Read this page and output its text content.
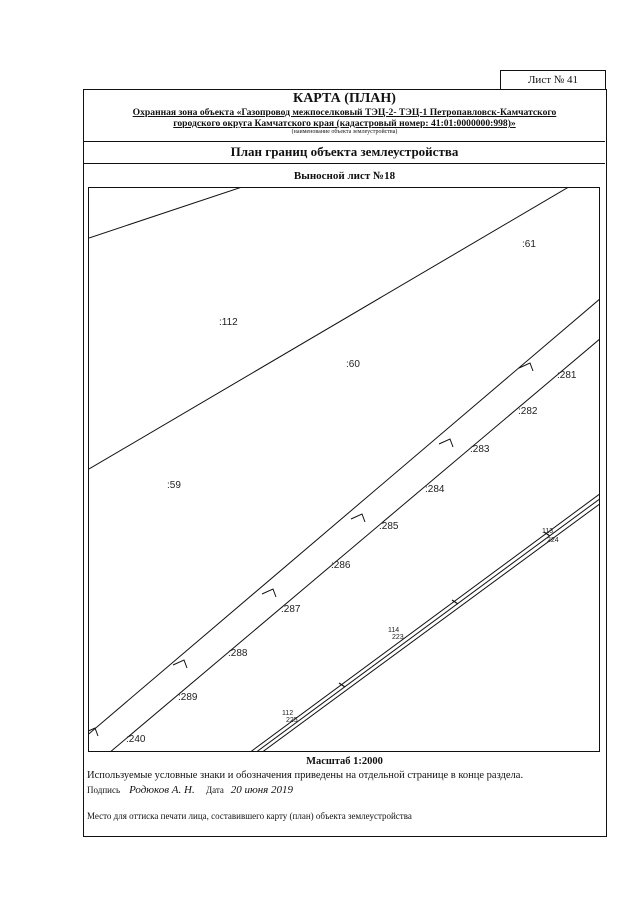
Лист № 41
КАРТА (ПЛАН)
Охранная зона объекта «Газопровод межпоселковый ТЭЦ-2- ТЭЦ-1 Петропавловск-Камчатского
городского округа Камчатского края (кадастровый номер: 41:01:0000000:998)»
(наименование объекта землеустройства)
План границ объекта землеустройства
Выносной лист №18
:112
:61
:60
:59
:281
:282
:283
:284
:285
:286
:287
:288
:289
:240
113
224
114
223
112
225
Масштаб 1:2000
Используемые условные знаки и обозначения приведены на отдельной странице в конце раздела.
Подпись Родюков А. Н. Дата 20 июня 2019
Место для оттиска печати лица, составившего карту (план) объекта землеустройства
